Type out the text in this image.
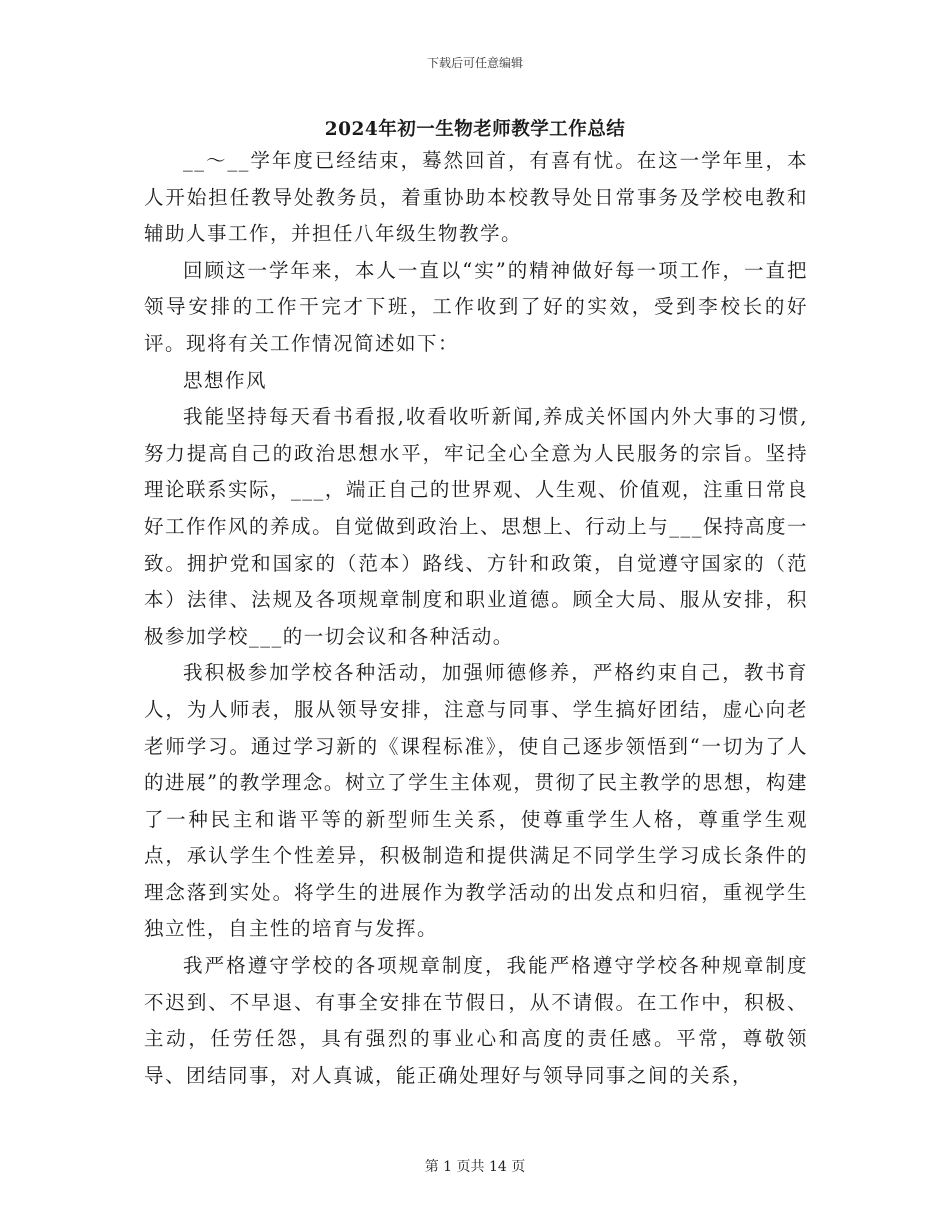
下载后可任意编辑
2024年初一生物老师教学工作总结

__～__学年度已经结束，蓦然回首，有喜有忧。在这一学年里，本人开始担任教导处教务员，着重协助本校教导处日常事务及学校电教和辅助人事工作，并担任八年级生物教学。

回顾这一学年来，本人一直以“实”的精神做好每一项工作，一直把领导安排的工作干完才下班，工作收到了好的实效，受到李校长的好评。现将有关工作情况简述如下：

思想作风

我能坚持每天看书看报,收看收听新闻,养成关怀国内外大事的习惯,努力提高自己的政治思想水平，牢记全心全意为人民服务的宗旨。坚持理论联系实际，___，端正自己的世界观、人生观、价值观，注重日常良好工作作风的养成。自觉做到政治上、思想上、行动上与___保持高度一致。拥护党和国家的（范本）路线、方针和政策，自觉遵守国家的（范本）法律、法规及各项规章制度和职业道德。顾全大局、服从安排，积极参加学校___的一切会议和各种活动。

我积极参加学校各种活动，加强师德修养，严格约束自己，教书育人，为人师表，服从领导安排，注意与同事、学生搞好团结，虚心向老老师学习。通过学习新的《课程标准》，使自己逐步领悟到“一切为了人的进展”的教学理念。树立了学生主体观，贯彻了民主教学的思想，构建了一种民主和谐平等的新型师生关系，使尊重学生人格，尊重学生观点，承认学生个性差异，积极制造和提供满足不同学生学习成长条件的理念落到实处。将学生的进展作为教学活动的出发点和归宿，重视学生独立性，自主性的培育与发挥。

我严格遵守学校的各项规章制度，我能严格遵守学校各种规章制度不迟到、不早退、有事全安排在节假日，从不请假。在工作中，积极、主动，任劳任怨，具有强烈的事业心和高度的责任感。平常，尊敬领导、团结同事，对人真诚，能正确处理好与领导同事之间的关系，

第 1 页共 14 页
